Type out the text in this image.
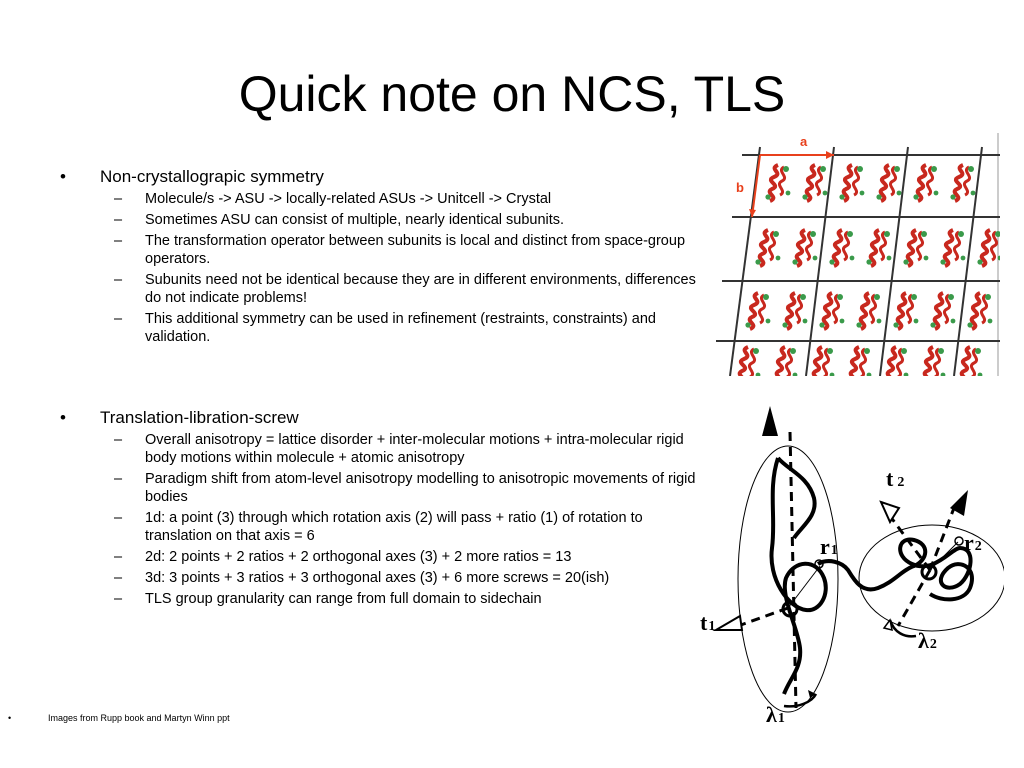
Quick note on NCS, TLS
• Non-crystallograpic symmetry
– Molecule/s -> ASU -> locally-related ASUs -> Unitcell -> Crystal
– Sometimes ASU can consist of multiple, nearly identical subunits.
– The transformation operator between subunits is local and distinct from space-group operators.
– Subunits need not be identical because they are in different environments, differences do not indicate problems!
– This additional symmetry can be used in refinement (restraints, constraints) and validation.
• Translation-libration-screw
– Overall anisotropy = lattice disorder + inter-molecular motions + intra-molecular rigid body motions within molecule + atomic anisotropy
– Paradigm shift from atom-level anisotropy modelling to anisotropic movements of rigid bodies
– 1d: a point (3) through which rotation axis (2) will pass + ratio (1) of rotation to translation on that axis = 6
– 2d: 2 points + 2 ratios + 2 orthogonal axes (3) + 2 more ratios = 13
– 3d: 3 points + 3 ratios + 3 orthogonal axes (3) + 6 more screws = 20(ish)
– TLS group granularity can range from full domain to sidechain
•	Images from Rupp book and Martyn Winn ppt
a
b
t 2
r1	r2
t1
λ2
λ1
